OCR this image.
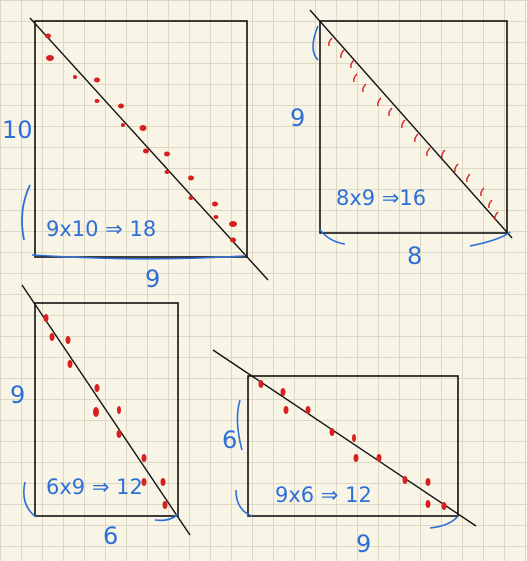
9x10 ⇒ 18
10
9
8x9 ⇒16
9
8
6x9 ⇒ 12
9
6
9x6 ⇒ 12
6
9
